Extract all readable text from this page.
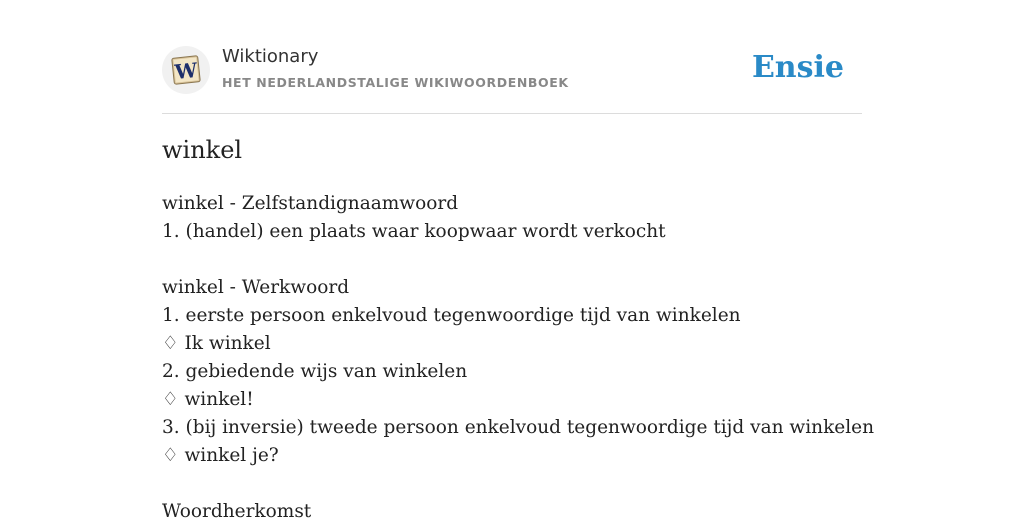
W
Wiktionary
HET NEDERLANDSTALIGE WIKIWOORDENBOEK	Ensie
winkel
winkel - Zelfstandignaamwoord
1. (handel) een plaats waar koopwaar wordt verkocht
winkel - Werkwoord
1. eerste persoon enkelvoud tegenwoordige tijd van winkelen
♢ Ik winkel
2. gebiedende wijs van winkelen
♢ winkel!
3. (bij inversie) tweede persoon enkelvoud tegenwoordige tijd van winkelen
♢ winkel je?
Woordherkomst
